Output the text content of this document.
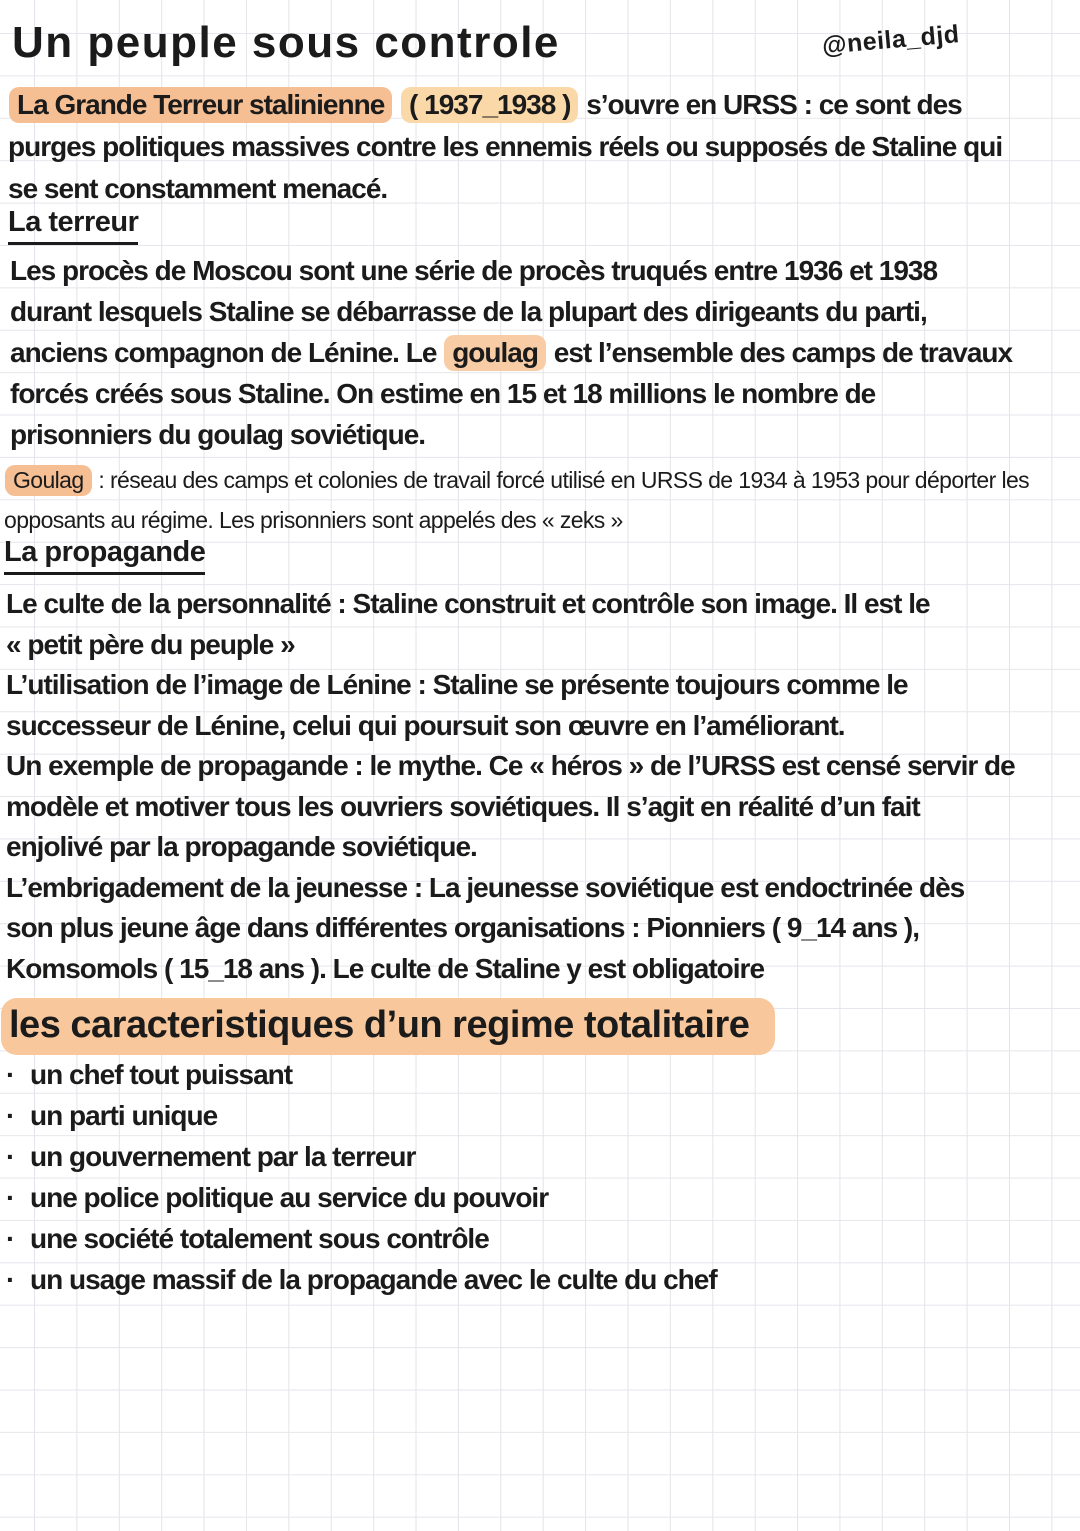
Un peuple sous controle	@neila_djd
La Grande Terreur stalinienne ( 1937_1938 ) s’ouvre en URSS : ce sont des
purges politiques massives contre les ennemis réels ou supposés de Staline qui
se sent constamment menacé.
La terreur
Les procès de Moscou sont une série de procès truqués entre 1936 et 1938
durant lesquels Staline se débarrasse de la plupart des dirigeants du parti,
anciens compagnon de Lénine. Le goulag est l’ensemble des camps de travaux
forcés créés sous Staline. On estime en 15 et 18 millions le nombre de
prisonniers du goulag soviétique.
Goulag : réseau des camps et colonies de travail forcé utilisé en URSS de 1934 à 1953 pour déporter les
opposants au régime. Les prisonniers sont appelés des « zeks »
La propagande
Le culte de la personnalité : Staline construit et contrôle son image. Il est le
« petit père du peuple »
L’utilisation de l’image de Lénine : Staline se présente toujours comme le
successeur de Lénine, celui qui poursuit son œuvre en l’améliorant.
Un exemple de propagande : le mythe. Ce « héros » de l’URSS est censé servir de
modèle et motiver tous les ouvriers soviétiques. Il s’agit en réalité d’un fait
enjolivé par la propagande soviétique.
L’embrigadement de la jeunesse : La jeunesse soviétique est endoctrinée dès
son plus jeune âge dans différentes organisations : Pionniers ( 9_14 ans ),
Komsomols ( 15_18 ans ). Le culte de Staline y est obligatoire
les caracteristiques d’un regime totalitaire
· un chef tout puissant
· un parti unique
· un gouvernement par la terreur
· une police politique au service du pouvoir
· une société totalement sous contrôle
· un usage massif de la propagande avec le culte du chef
